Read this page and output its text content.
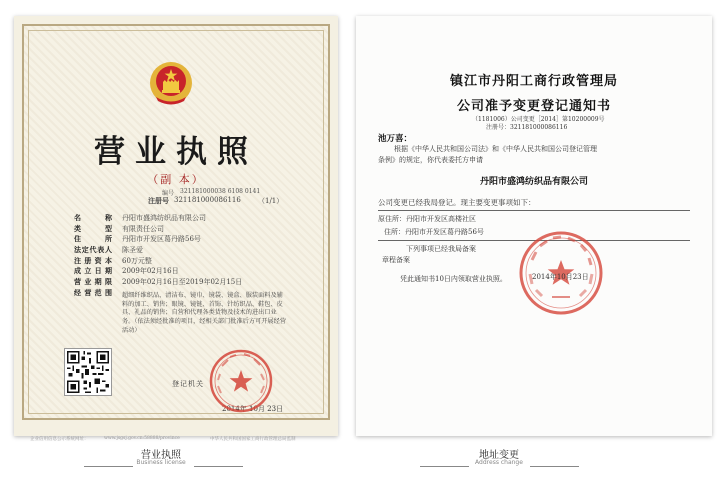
营业执照
（副 本）
编号 321181000038 6108 0141
注册号 321181000086116 （1/1）
名称 丹阳市盛鸿纺织品有限公司
类型 有限责任公司
住所 丹阳市开发区葛丹路56号
法定代表人 陈圣爱
注册资本 60万元整
成立日期 2009年02月16日
营业期限 2009年02月16日至2019年02月15日
经营范围 超细纤维织品、清洁布、镜巾、镜袋、镜盒、服装面料及辅料的加工、销售；眼镜、镜链、首饰、针纺织品、鞋包、皮具、礼品的销售；自营和代理各类货物及技术的进出口业务。（依法须经批准的项目，经相关部门批准后方可开展经营活动）
登记机关
2014年 10月 23日
企业信用信息公示系统网址：	www.jsgsj.gov.cn:58888/province	中华人民共和国国家工商行政管理总局监制
镇江市丹阳工商行政管理局
公司准予变更登记通知书
（1181006）公司变更［2014］第10200009号
注册号：321181000086116
池万喜：
根据《中华人民共和国公司法》和《中华人民共和国公司登记管理
条例》的规定，你代表委托方申请
丹阳市盛鸿纺织品有限公司
公司变更已经我局登记。现主要变更事项如下：
原住所：丹阳市开发区高楼社区
住所：丹阳市开发区葛丹路56号
下列事项已经我局备案
章程备案
凭此通知书10日内领取营业执照。	2014年10月23日
营业执照
Business license
地址变更
Address change
